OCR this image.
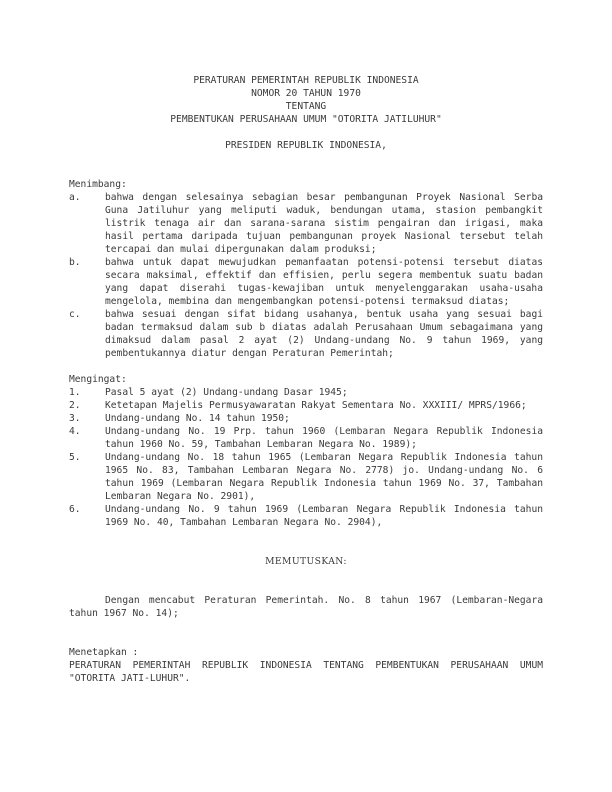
PERATURAN PEMERINTAH REPUBLIK INDONESIA
NOMOR 20 TAHUN 1970
TENTANG
PEMBENTUKAN PERUSAHAAN UMUM "OTORITA JATILUHUR"
PRESIDEN REPUBLIK INDONESIA,
Menimbang:
a.	bahwa dengan selesainya sebagian besar pembangunan Proyek Nasional Serba Guna Jatiluhur yang meliputi waduk, bendungan utama, stasion pembangkit listrik tenaga air dan sarana-sarana sistim pengairan dan irigasi, maka hasil pertama daripada tujuan pembangunan proyek Nasional tersebut telah tercapai dan mulai dipergunakan dalam produksi;
b.	bahwa untuk dapat mewujudkan pemanfaatan potensi-potensi tersebut diatas secara maksimal, effektif dan effisien, perlu segera membentuk suatu badan yang dapat diserahi tugas-kewajiban untuk menyelenggarakan usaha-usaha mengelola, membina dan mengembangkan potensi-potensi termaksud diatas;
c.	bahwa sesuai dengan sifat bidang usahanya, bentuk usaha yang sesuai bagi badan termaksud dalam sub b diatas adalah Perusahaan Umum sebagaimana yang dimaksud dalam pasal 2 ayat (2) Undang-undang No. 9 tahun 1969, yang pembentukannya diatur dengan Peraturan Pemerintah;
Mengingat:
1.	Pasal 5 ayat (2) Undang-undang Dasar 1945;
2.	Ketetapan Majelis Permusyawaratan Rakyat Sementara No. XXXIII/ MPRS/1966;
3.	Undang-undang No. 14 tahun 1950;
4.	Undang-undang No. 19 Prp. tahun 1960 (Lembaran Negara Republik Indonesia tahun 1960 No. 59, Tambahan Lembaran Negara No. 1989);
5.	Undang-undang No. 18 tahun 1965 (Lembaran Negara Republik Indonesia tahun 1965 No. 83, Tambahan Lembaran Negara No. 2778) jo. Undang-undang No. 6 tahun 1969 (Lembaran Negara Republik Indonesia tahun 1969 No. 37, Tambahan Lembaran Negara No. 2901),
6.	Undang-undang No. 9 tahun 1969 (Lembaran Negara Republik Indonesia tahun 1969 No. 40, Tambahan Lembaran Negara No. 2904),
MEMUTUSKAN:
Dengan mencabut Peraturan Pemerintah. No. 8 tahun 1967 (Lembaran-Negara tahun 1967 No. 14);
Menetapkan :
PERATURAN PEMERINTAH REPUBLIK INDONESIA TENTANG PEMBENTUKAN PERUSAHAAN UMUM "OTORITA JATI-LUHUR".
